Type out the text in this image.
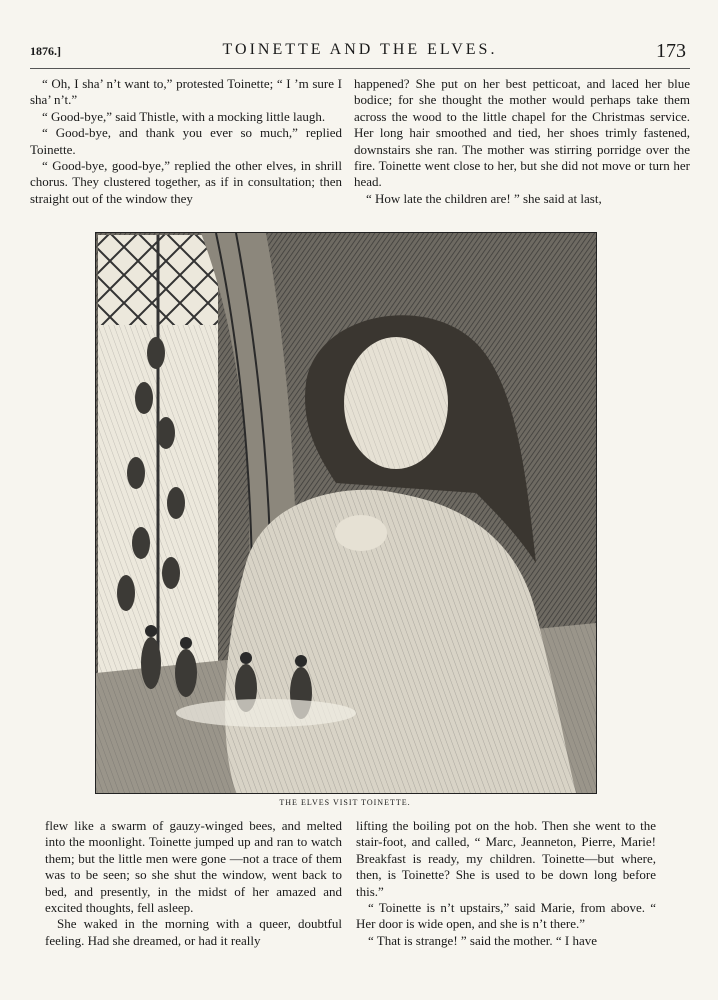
1876.]	TOINETTE AND THE ELVES.	173

“ Oh, I sha’ n’t want to,” protested Toinette; “ I ’m sure I sha’ n’t.”

“ Good-bye,” said Thistle, with a mocking little laugh.

“ Good-bye, and thank you ever so much,” replied Toinette.

“ Good-bye, good-bye,” replied the other elves, in shrill chorus. They clustered together, as if in consultation; then straight out of the window they

happened? She put on her best petticoat, and laced her blue bodice; for she thought the mother would perhaps take them across the wood to the little chapel for the Christmas service. Her long hair smoothed and tied, her shoes trimly fastened, downstairs she ran. The mother was stirring porridge over the fire. Toinette went close to her, but she did not move or turn her head.

“ How late the children are! ” she said at last,

THE ELVES VISIT TOINETTE.

flew like a swarm of gauzy-winged bees, and melted into the moonlight. Toinette jumped up and ran to watch them; but the little men were gone —not a trace of them was to be seen; so she shut the window, went back to bed, and presently, in the midst of her amazed and excited thoughts, fell asleep.

She waked in the morning with a queer, doubtful feeling. Had she dreamed, or had it really

lifting the boiling pot on the hob. Then she went to the stair-foot, and called, “ Marc, Jeanneton, Pierre, Marie! Breakfast is ready, my children. Toinette—but where, then, is Toinette? She is used to be down long before this.”

“ Toinette is n’t upstairs,” said Marie, from above. “ Her door is wide open, and she is n’t there.”

“ That is strange! ” said the mother. “ I have
